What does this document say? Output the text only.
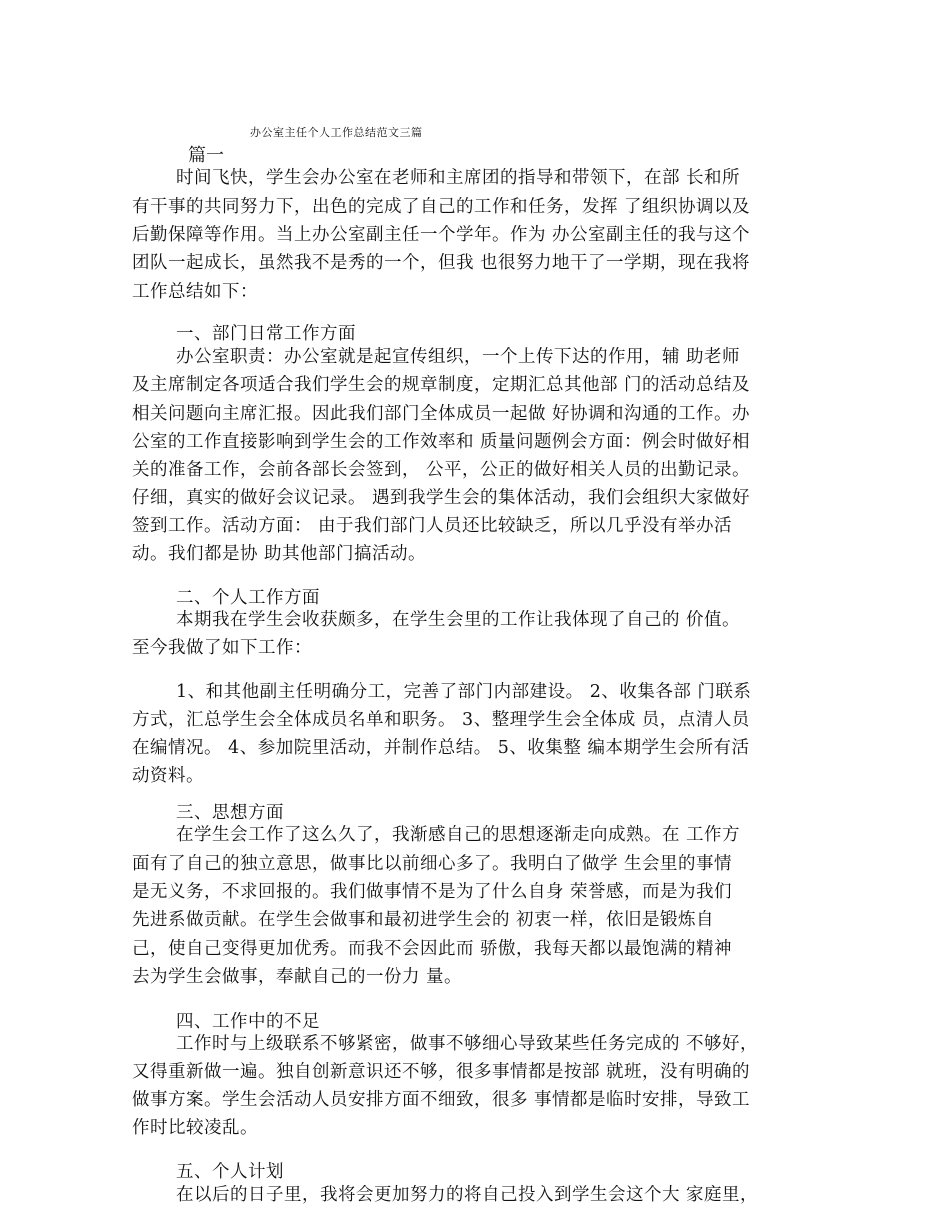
办公室主任个人工作总结范文三篇
篇一
时间飞快，学生会办公室在老师和主席团的指导和带领下，在部 长和所
有干事的共同努力下，出色的完成了自己的工作和任务，发挥 了组织协调以及
后勤保障等作用。当上办公室副主任一个学年。作为 办公室副主任的我与这个
团队一起成长，虽然我不是秀的一个，但我 也很努力地干了一学期，现在我将
工作总结如下：
一、部门日常工作方面
办公室职责：办公室就是起宣传组织，一个上传下达的作用，辅 助老师
及主席制定各项适合我们学生会的规章制度，定期汇总其他部 门的活动总结及
相关问题向主席汇报。因此我们部门全体成员一起做 好协调和沟通的工作。办
公室的工作直接影响到学生会的工作效率和 质量问题例会方面：例会时做好相
关的准备工作，会前各部长会签到， 公平，公正的做好相关人员的出勤记录。
仔细，真实的做好会议记录。 遇到我学生会的集体活动，我们会组织大家做好
签到工作。活动方面： 由于我们部门人员还比较缺乏，所以几乎没有举办活
动。我们都是协 助其他部门搞活动。
二、个人工作方面
本期我在学生会收获颇多，在学生会里的工作让我体现了自己的 价值。
至今我做了如下工作：
1、和其他副主任明确分工，完善了部门内部建设。 2、收集各部 门联系
方式，汇总学生会全体成员名单和职务。 3、整理学生会全体成 员，点清人员
在编情况。 4、参加院里活动，并制作总结。 5、收集整 编本期学生会所有活
动资料。
三、思想方面
在学生会工作了这么久了，我渐感自己的思想逐渐走向成熟。在 工作方
面有了自己的独立意思，做事比以前细心多了。我明白了做学 生会里的事情
是无义务，不求回报的。我们做事情不是为了什么自身 荣誉感，而是为我们
先进系做贡献。在学生会做事和最初进学生会的 初衷一样，依旧是锻炼自
己，使自己变得更加优秀。而我不会因此而 骄傲，我每天都以最饱满的精神
去为学生会做事，奉献自己的一份力 量。
四、工作中的不足
工作时与上级联系不够紧密，做事不够细心导致某些任务完成的 不够好，
又得重新做一遍。独自创新意识还不够，很多事情都是按部 就班，没有明确的
做事方案。学生会活动人员安排方面不细致，很多 事情都是临时安排，导致工
作时比较凌乱。
五、个人计划
在以后的日子里，我将会更加努力的将自己投入到学生会这个大 家庭里，
